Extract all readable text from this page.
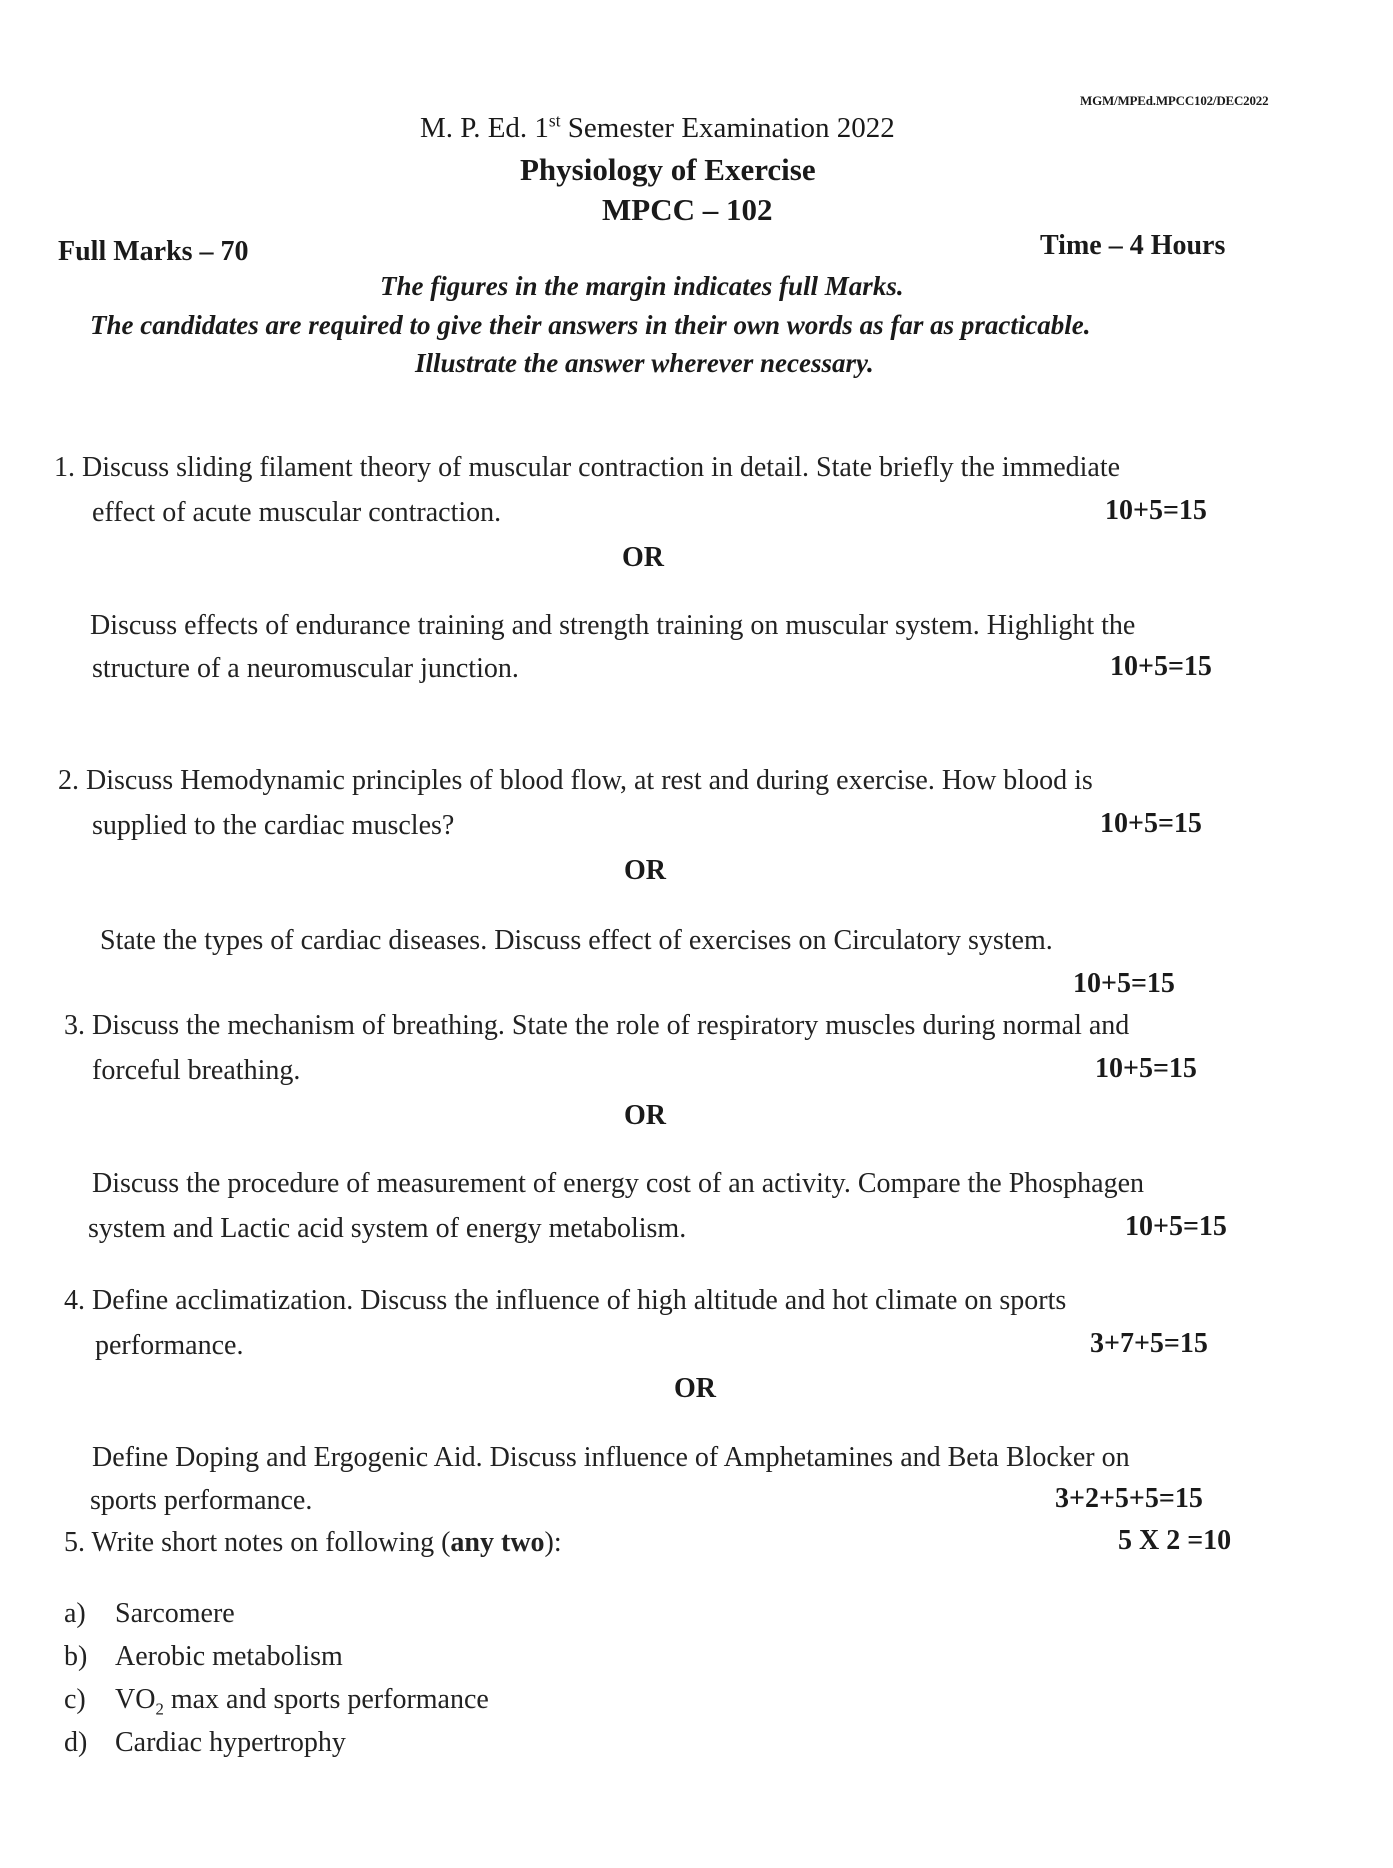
MGM/MPEd.MPCC102/DEC2022
M. P. Ed. 1st Semester Examination 2022
Physiology of Exercise
MPCC – 102
Full Marks – 70	Time – 4 Hours
The figures in the margin indicates full Marks.
The candidates are required to give their answers in their own words as far as practicable.
Illustrate the answer wherever necessary.
1. Discuss sliding filament theory of muscular contraction in detail. State briefly the immediate
effect of acute muscular contraction.	10+5=15
OR
Discuss effects of endurance training and strength training on muscular system. Highlight the
structure of a neuromuscular junction.	10+5=15
2. Discuss Hemodynamic principles of blood flow, at rest and during exercise. How blood is
supplied to the cardiac muscles?	10+5=15
OR
State the types of cardiac diseases. Discuss effect of exercises on Circulatory system.
10+5=15
3. Discuss the mechanism of breathing. State the role of respiratory muscles during normal and
forceful breathing.	10+5=15
OR
Discuss the procedure of measurement of energy cost of an activity. Compare the Phosphagen
system and Lactic acid system of energy metabolism.	10+5=15
4. Define acclimatization. Discuss the influence of high altitude and hot climate on sports
performance.	3+7+5=15
OR
Define Doping and Ergogenic Aid. Discuss influence of Amphetamines and Beta Blocker on
sports performance.	3+2+5+5=15
5. Write short notes on following (any two):	5 X 2 =10
a) Sarcomere
b) Aerobic metabolism
c) $VO_2$ max and sports performance
d) Cardiac hypertrophy
